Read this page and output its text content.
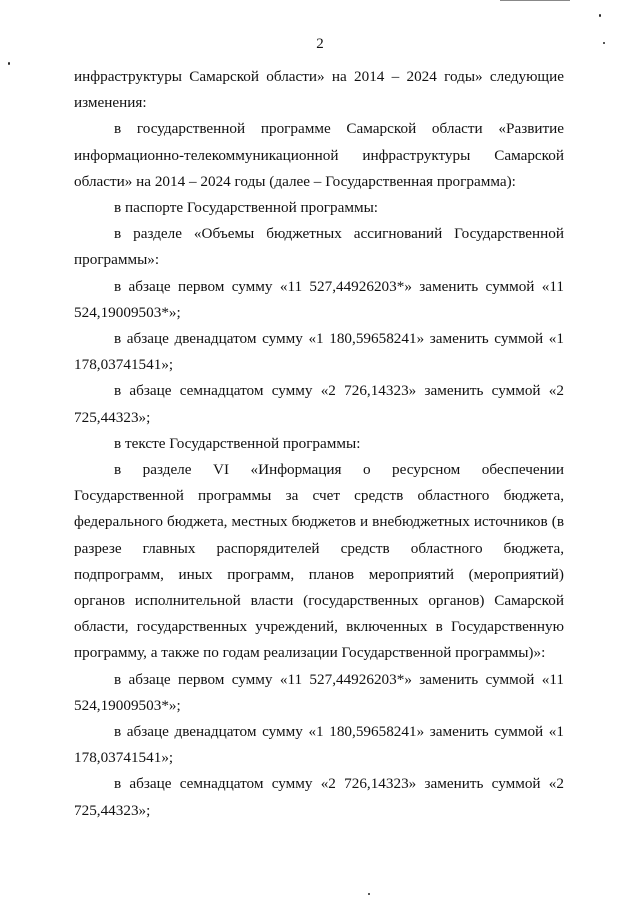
2

инфраструктуры Самарской области» на 2014 – 2024 годы» следующие изменения:

в государственной программе Самарской области «Развитие информационно-телекоммуникационной инфраструктуры Самарской области» на 2014 – 2024 годы (далее – Государственная программа):

в паспорте Государственной программы:

в разделе «Объемы бюджетных ассигнований Государственной программы»:

в абзаце первом сумму «11 527,44926203*» заменить суммой «11 524,19009503*»;

в абзаце двенадцатом сумму «1 180,59658241» заменить суммой «1 178,03741541»;

в абзаце семнадцатом сумму «2 726,14323» заменить суммой «2 725,44323»;

в тексте Государственной программы:

в разделе VI «Информация о ресурсном обеспечении Государственной программы за счет средств областного бюджета, федерального бюджета, местных бюджетов и внебюджетных источников (в разрезе главных распорядителей средств областного бюджета, подпрограмм, иных программ, планов мероприятий (мероприятий) органов исполнительной власти (государственных органов) Самарской области, государственных учреждений, включенных в Государственную программу, а также по годам реализации Государственной программы)»:

в абзаце первом сумму «11 527,44926203*» заменить суммой «11 524,19009503*»;

в абзаце двенадцатом сумму «1 180,59658241» заменить суммой «1 178,03741541»;

в абзаце семнадцатом сумму «2 726,14323» заменить суммой «2 725,44323»;
